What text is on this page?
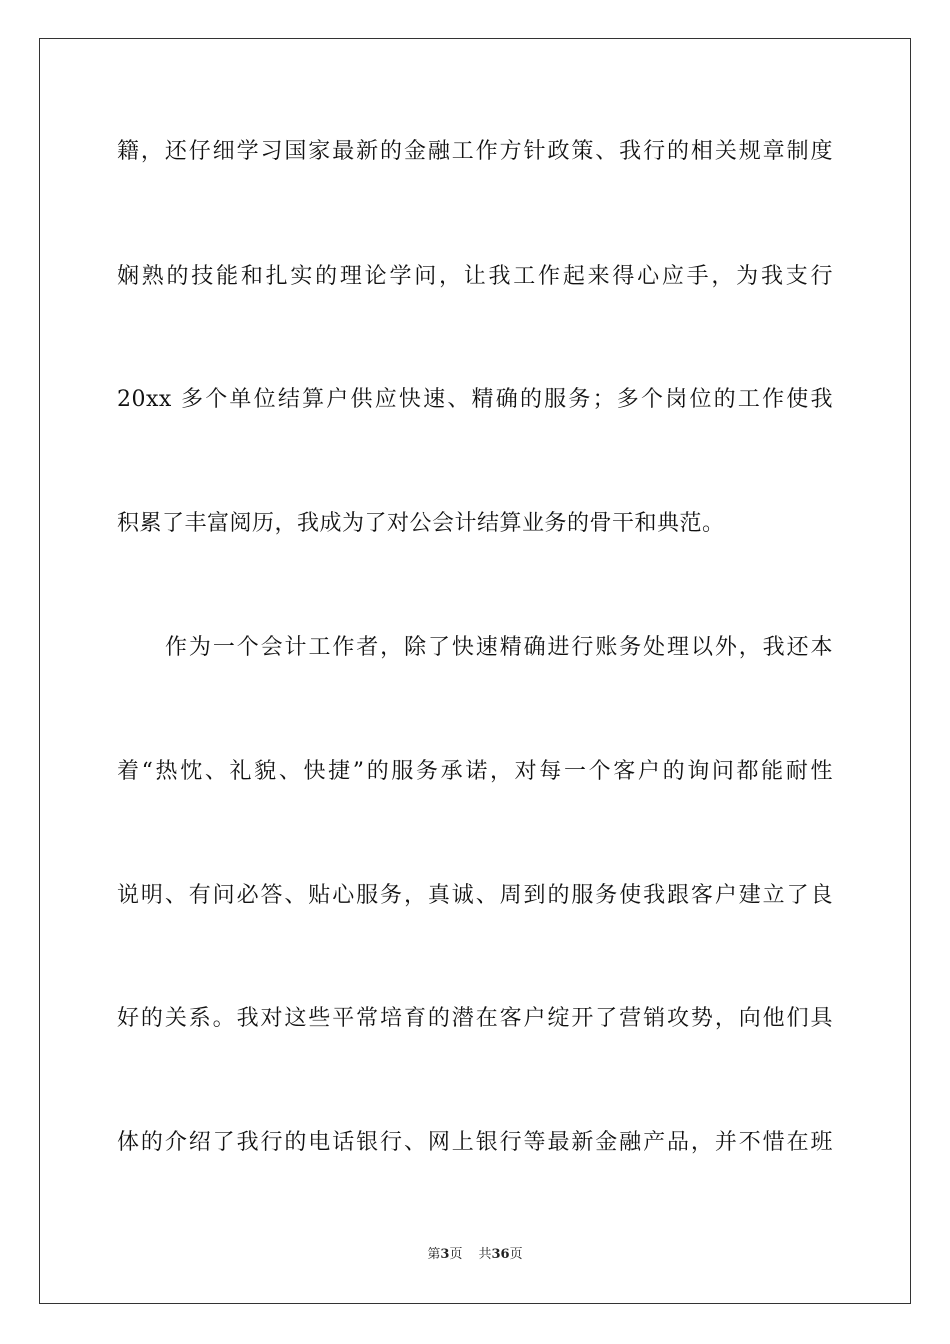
籍，还仔细学习国家最新的金融工作方针政策、我行的相关规章制度
娴熟的技能和扎实的理论学问，让我工作起来得心应手，为我支行
20xx 多个单位结算户供应快速、精确的服务；多个岗位的工作使我
积累了丰富阅历，我成为了对公会计结算业务的骨干和典范。
作为一个会计工作者，除了快速精确进行账务处理以外，我还本
着“热忱、礼貌、快捷”的服务承诺，对每一个客户的询问都能耐性
说明、有问必答、贴心服务，真诚、周到的服务使我跟客户建立了良
好的关系。我对这些平常培育的潜在客户绽开了营销攻势，向他们具
体的介绍了我行的电话银行、网上银行等最新金融产品，并不惜在班
第3页 共36页
